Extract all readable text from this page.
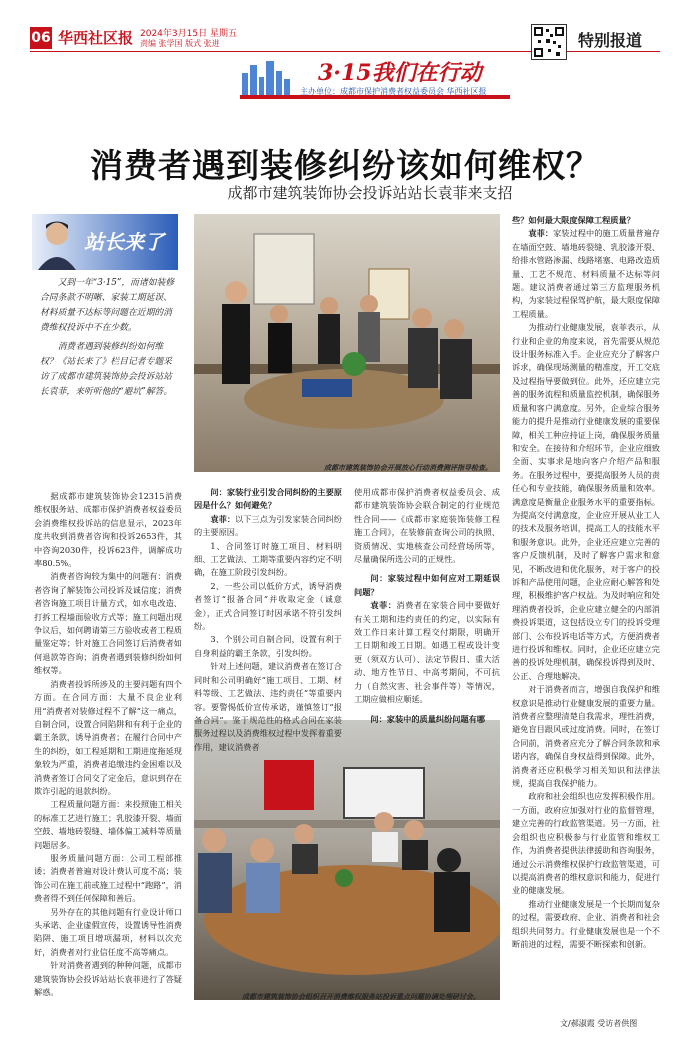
06 华西社区报 2024年3月15日 星期五
责编 张学国 版式 张进
3·15我们在行动
主办单位：成都市保护消费者权益委员会 华西社区报
特别报道
消费者遇到装修纠纷该如何维权？
成都市建筑装饰协会投诉站站长袁菲来支招
站长来了

又到一年“3·15”，而诸如装修合同条款不明晰、家装工期延误、材料质量不达标等问题在近期的消费维权投诉中不在少数。

消费者遇到装修纠纷如何维权？《站长来了》栏目记者专题采访了成都市建筑装饰协会投诉站站长袁菲，来听听他的“避坑”解答。

成都市建筑装饰协会开展放心行动消费测评指导检查。
成都市建筑装饰协会组织召开消费维权服务站投诉重点问题协调处理研讨会。

据成都市建筑装饰协会12315消费维权服务站、成都市保护消费者权益委员会消费维权投诉站的信息显示，2023年度共收到消费者咨询和投诉2653件，其中咨询2030件，投诉623件，调解成功率80.5%。

消费者咨询较为集中的问题有：消费者咨询了解装饰公司投诉及诚信度；消费者咨询施工项目计量方式，如水电改造、打拆工程墙面验收方式等；施工问题出现争议后，如何聘请第三方验收或者工程质量鉴定等；针对施工合同签订后消费者如何退款等咨询；消费者遇到装修纠纷如何维权等。

消费者投诉所涉及的主要问题有四个方面。在合同方面：大量不良企业利用“消费者对装修过程不了解”这一痛点，自制合同，设置合同陷阱和有利于企业的霸王条款，诱导消费者；在履行合同中产生的纠纷，如工程延期和工期进度拖延现象较为严重，消费者追缴违约金困难以及消费者签订合同交了定金后，意识到存在欺诈引起的退款纠纷。

工程质量问题方面：来投照施工相关的标准工艺进行施工；乳胶漆开裂、墙面空鼓、墙地砖裂缝、墙体偏工减料等质量问题居多。

服务质量问题方面：公司工程部推诿；消费者普遍对设计费认可度不高；装饰公司在施工前或施工过程中“跑路”，消费者得不到任何保障和善后。

另外存在的其他问题有行业设计师口头承诺、企业虚假宣传，设置诱导性消费陷阱、施工项目增项漏项，材料以次充好，消费者对行业信任度不高等痛点。

针对消费者遇到的种种问题，成都市建筑装饰协会投诉站站长袁菲进行了答疑解惑。

问：家装行业引发合同纠纷的主要原因是什么？如何避免？

袁菲：以下三点为引发家装合同纠纷的主要原因。

1、合同签订时施工项目、材料明细、工艺做法、工期等重要内容约定不明确，在施工阶段引发纠纷。

2、一些公司以低价方式，诱导消费者签订“报备合同”并收取定金（诚意金），正式合同签订时因承诺不符引发纠纷。

3、个别公司自制合同，设置有利于自身利益的霸王条款，引发纠纷。

针对上述问题，建议消费者在签订合同时和公司明确好“施工项目、工期、材料等级、工艺做法、违约责任”等重要内容。要警惕低价宣传承诺，谨慎签订“报备合同”。鉴于规范性的格式合同在家装服务过程以及消费维权过程中发挥着重要作用，建议消费者

使用成都市保护消费者权益委员会、成都市建筑装饰协会联合制定的行业规范性合同——《成都市家庭装饰装修工程施工合同》，在装修前查询公司的执照、资质情况、实地核查公司经营场所等，尽量确保所选公司的正规性。

问：家装过程中如何应对工期延误问题？

袁菲：消费者在家装合同中要做好有关工期和违约责任的约定，以实际有效工作日来计算工程交付期限，明确开工日期和竣工日期。如遇工程或设计变更（须双方认可）、法定节假日、重大活动、地方性节日、中高考期间，不可抗力（自然灾害、社会事件等）等情况，工期应做相应顺延。

问：家装中的质量纠纷问题有哪

些？如何最大限度保障工程质量？

袁菲：家装过程中的施工质量普遍存在墙面空鼓、墙地砖裂缝、乳胶漆开裂、给排水管路渗漏、线路堵塞、电路改造质量、工艺不规范、材料质量不达标等问题。建议消费者通过第三方监理服务机构，为家装过程保驾护航，最大限度保障工程质量。

为推动行业健康发展，袁菲表示，从行业和企业的角度来说，首先需要从规范设计服务标准入手。企业应充分了解客户诉求，确保现场测量的精准度，开工交底及过程指导要做到位。此外，还应建立完善的服务流程和质量监控机制，确保服务质量和客户满意度。另外，企业综合服务能力的提升是推动行业健康发展的重要保障，相关工种应持证上岗，确保服务质量和安全。在接待和介绍环节，企业应细致全面、实事求是地向客户介绍产品和服务。在服务过程中，要提高服务人员的责任心和专业技能，确保服务质量和效率。满意度是衡量企业服务水平的重要指标。为提高交付满意度，企业应开展从业工人的技术及服务培训，提高工人的技能水平和服务意识。此外，企业还应建立完善的客户反馈机制，及时了解客户需求和意见，不断改进和优化服务，对于客户的投诉和产品使用问题，企业应耐心解答和处理，积极维护客户权益。为及时响应和处理消费者投诉，企业应建立健全的内部消费投诉渠道，这包括设立专门的投诉受理部门、公布投诉电话等方式，方便消费者进行投诉和维权。同时，企业还应建立完善的投诉处理机制，确保投诉得到及时、公正、合理地解决。

对于消费者而言，增强自我保护和维权意识是推动行业健康发展的重要力量。消费者应整理清楚自我需求，理性消费，避免盲目跟风或过度消费。同时，在签订合同前，消费者应充分了解合同条款和承诺内容，确保自身权益得到保障。此外，消费者还应积极学习相关知识和法律法规，提高自我保护能力。

政府和社会组织也应发挥积极作用。一方面，政府应加强对行业的监督管理，建立完善的行政监管渠道。另一方面，社会组织也应积极参与行业监管和维权工作，为消费者提供法律援助和咨询服务，通过公示消费维权保护行政监管渠道，可以提高消费者的维权意识和能力，促进行业的健康发展。

推动行业健康发展是一个长期而复杂的过程，需要政府、企业、消费者和社会组织共同努力。行业健康发展也是一个不断前进的过程，需要不断探索和创新。

文/郝淑霞 受访者供图
